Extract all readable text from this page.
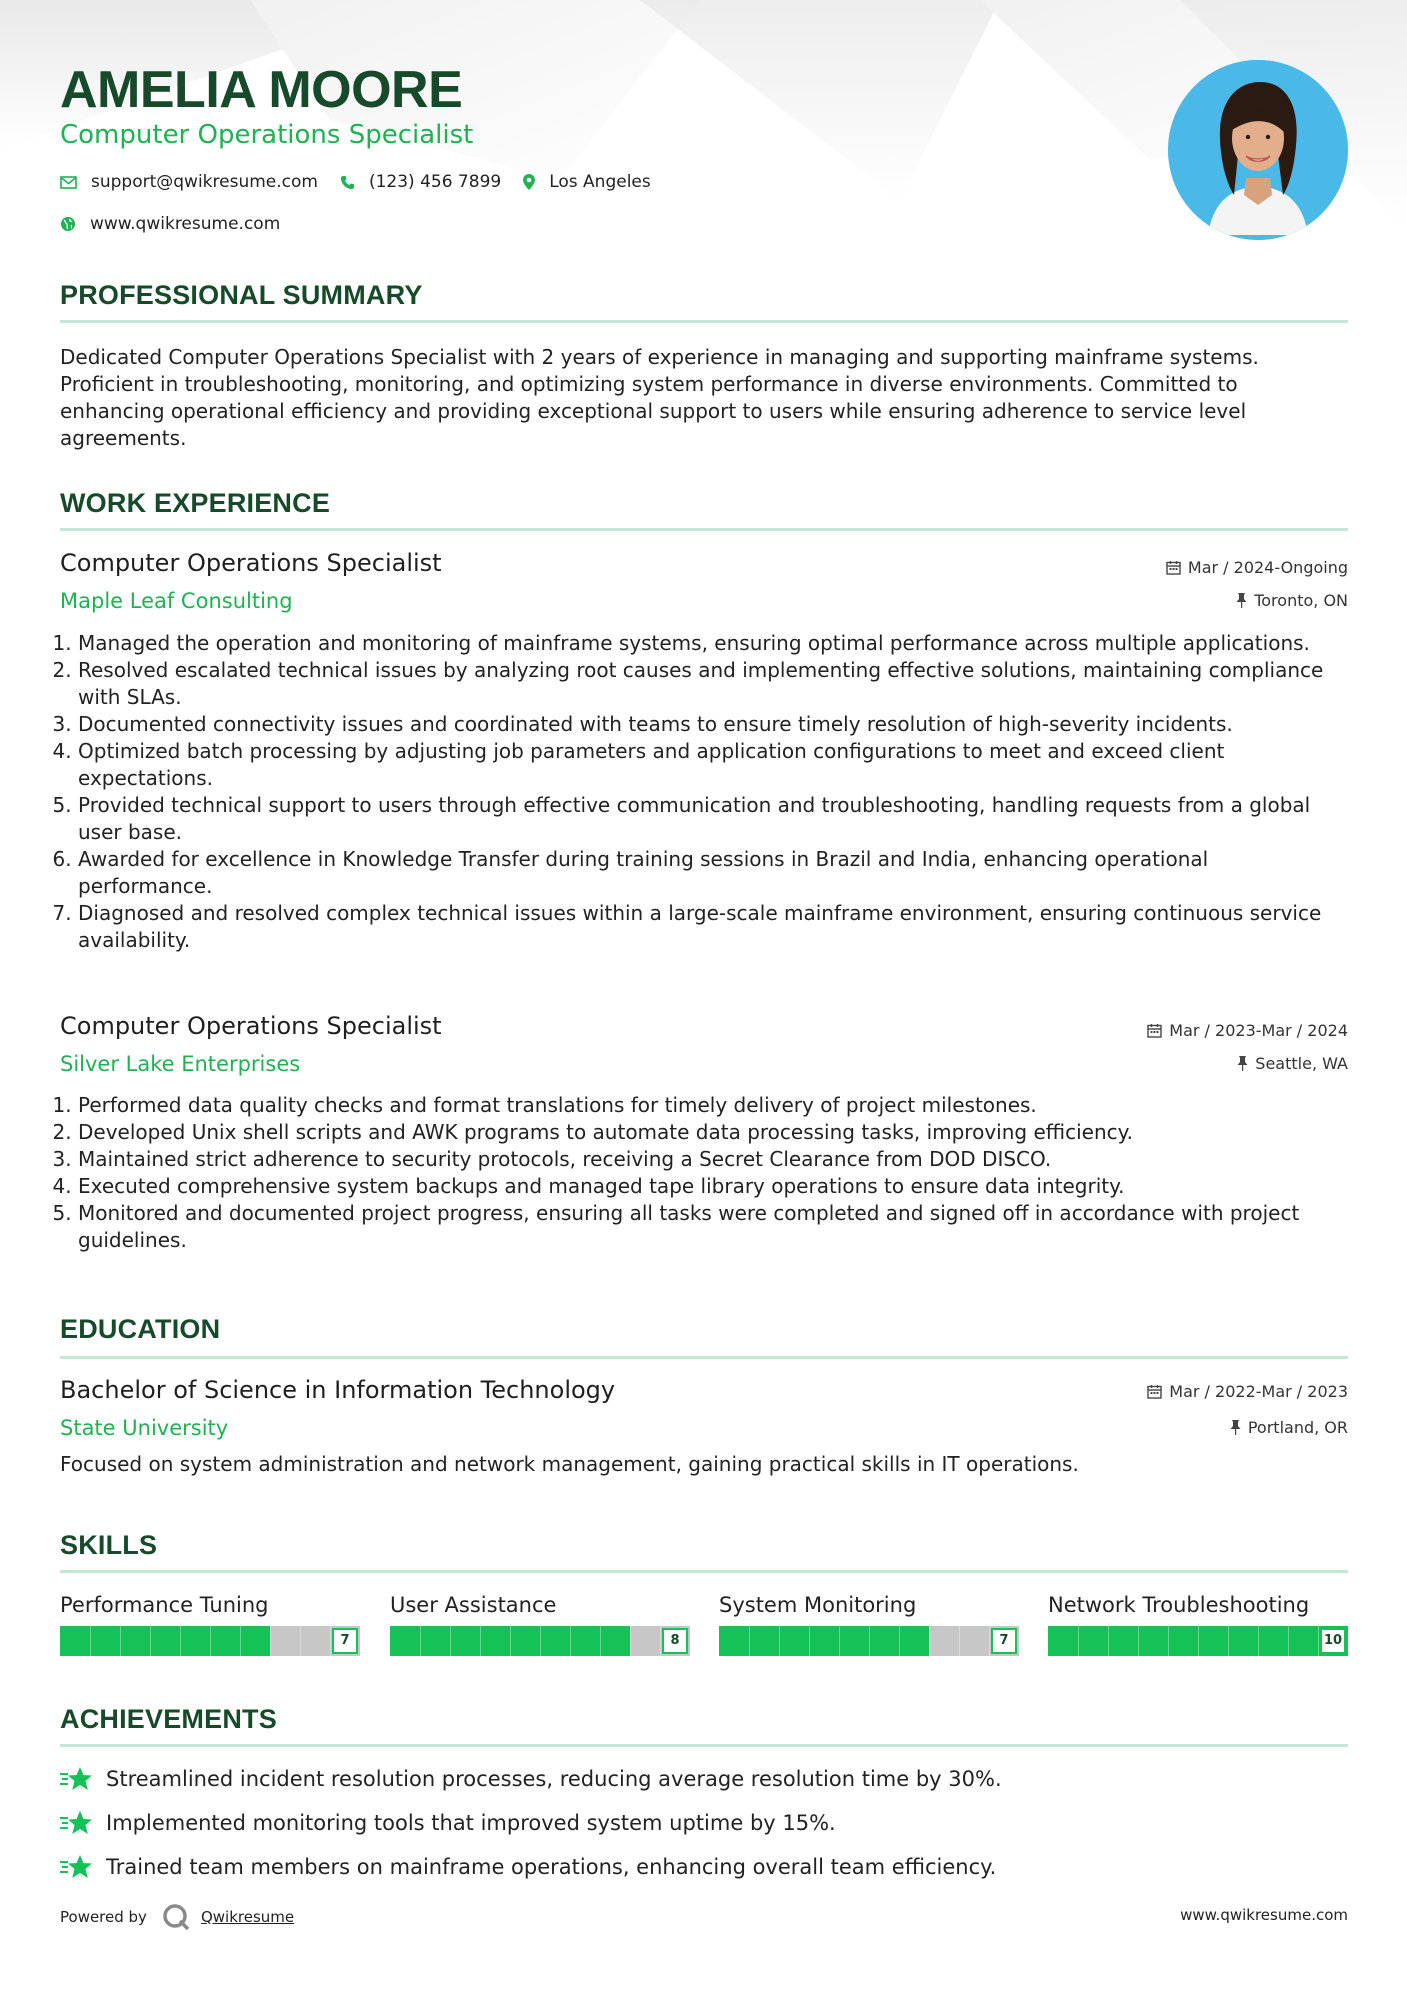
AMELIA MOORE
Computer Operations Specialist
support@qwikresume.com	(123) 456 7899	Los Angeles
www.qwikresume.com
PROFESSIONAL SUMMARY
Dedicated Computer Operations Specialist with 2 years of experience in managing and supporting mainframe systems. Proficient in troubleshooting, monitoring, and optimizing system performance in diverse environments. Committed to enhancing operational efficiency and providing exceptional support to users while ensuring adherence to service level agreements.
WORK EXPERIENCE
Computer Operations Specialist
Maple Leaf Consulting
Mar / 2024-Ongoing
Toronto, ON
1. Managed the operation and monitoring of mainframe systems, ensuring optimal performance across multiple applications.
2. Resolved escalated technical issues by analyzing root causes and implementing effective solutions, maintaining compliance with SLAs.
3. Documented connectivity issues and coordinated with teams to ensure timely resolution of high-severity incidents.
4. Optimized batch processing by adjusting job parameters and application configurations to meet and exceed client expectations.
5. Provided technical support to users through effective communication and troubleshooting, handling requests from a global user base.
6. Awarded for excellence in Knowledge Transfer during training sessions in Brazil and India, enhancing operational performance.
7. Diagnosed and resolved complex technical issues within a large-scale mainframe environment, ensuring continuous service availability.
Computer Operations Specialist
Silver Lake Enterprises
Mar / 2023-Mar / 2024
Seattle, WA
1. Performed data quality checks and format translations for timely delivery of project milestones.
2. Developed Unix shell scripts and AWK programs to automate data processing tasks, improving efficiency.
3. Maintained strict adherence to security protocols, receiving a Secret Clearance from DOD DISCO.
4. Executed comprehensive system backups and managed tape library operations to ensure data integrity.
5. Monitored and documented project progress, ensuring all tasks were completed and signed off in accordance with project guidelines.
EDUCATION
Bachelor of Science in Information Technology
State University
Mar / 2022-Mar / 2023
Portland, OR
Focused on system administration and network management, gaining practical skills in IT operations.
SKILLS
Performance Tuning
7
User Assistance
8
System Monitoring
7
Network Troubleshooting
10
ACHIEVEMENTS
Streamlined incident resolution processes, reducing average resolution time by 30%.
Implemented monitoring tools that improved system uptime by 15%.
Trained team members on mainframe operations, enhancing overall team efficiency.
Powered by	Qwikresume	www.qwikresume.com
